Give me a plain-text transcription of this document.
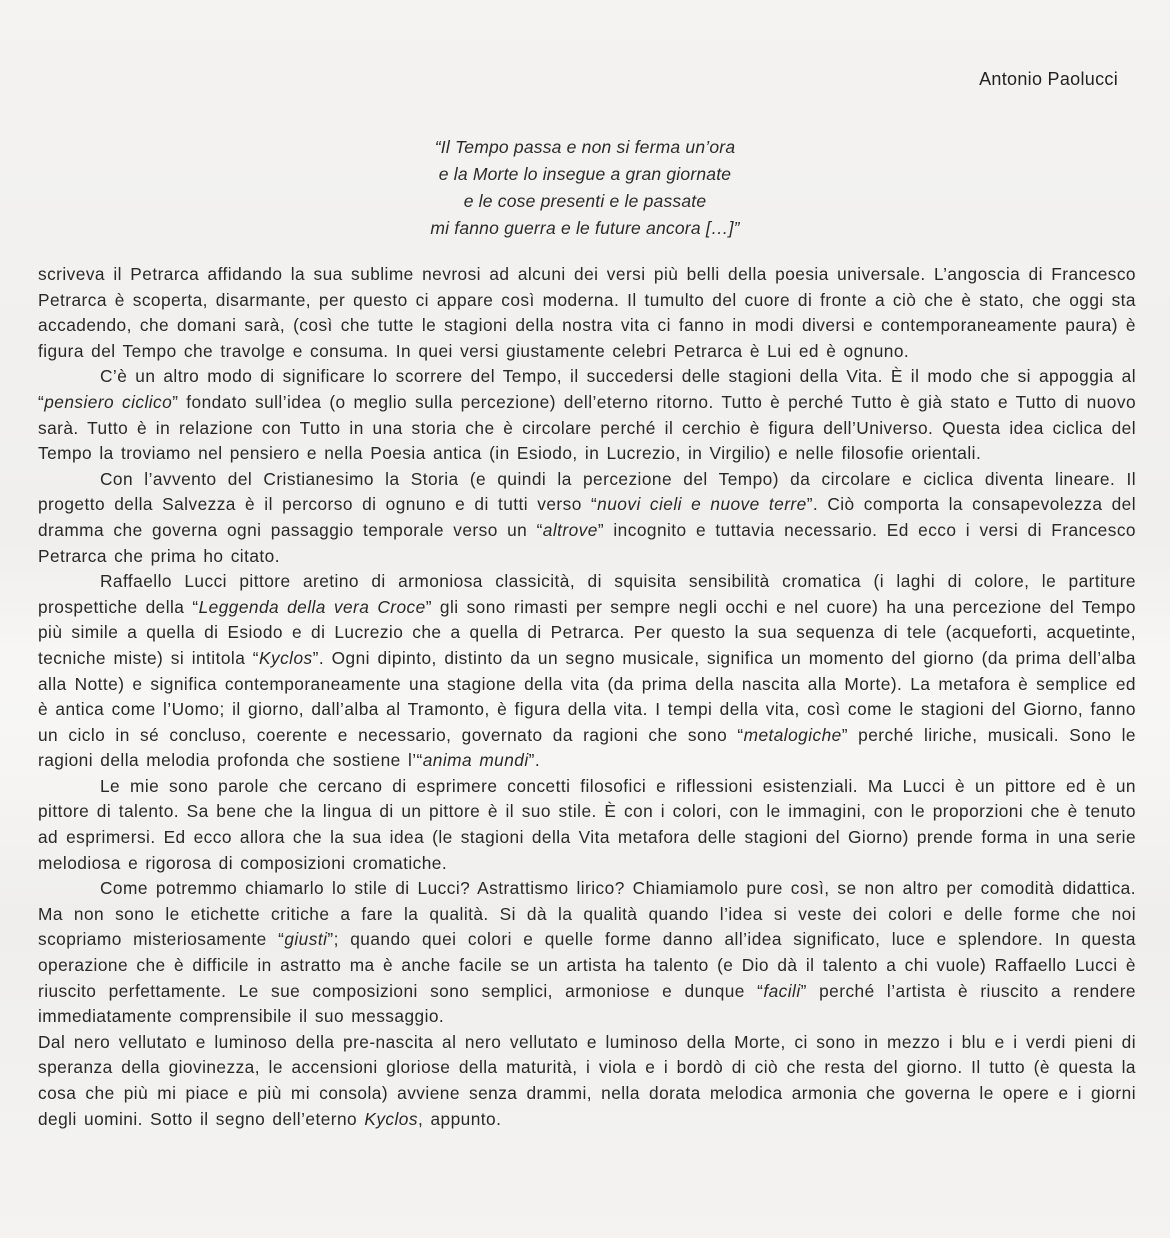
Antonio Paolucci
“Il Tempo passa e non si ferma un’ora
e la Morte lo insegue a gran giornate
e le cose presenti e le passate
mi fanno guerra e le future ancora […]”

scriveva il Petrarca affidando la sua sublime nevrosi ad alcuni dei versi più belli della poesia universale. L’angoscia di Francesco Petrarca è scoperta, disarmante, per questo ci appare così moderna. Il tumulto del cuore di fronte a ciò che è stato, che oggi sta accadendo, che domani sarà, (così che tutte le stagioni della nostra vita ci fanno in modi diversi e contemporaneamente paura) è figura del Tempo che travolge e consuma. In quei versi giustamente celebri Petrarca è Lui ed è ognuno.

C’è un altro modo di significare lo scorrere del Tempo, il succedersi delle stagioni della Vita. È il modo che si appoggia al “pensiero ciclico” fondato sull’idea (o meglio sulla percezione) dell’eterno ritorno. Tutto è perché Tutto è già stato e Tutto di nuovo sarà. Tutto è in relazione con Tutto in una storia che è circolare perché il cerchio è figura dell’Universo. Questa idea ciclica del Tempo la troviamo nel pensiero e nella Poesia antica (in Esiodo, in Lucrezio, in Virgilio) e nelle filosofie orientali.

Con l’avvento del Cristianesimo la Storia (e quindi la percezione del Tempo) da circolare e ciclica diventa lineare. Il progetto della Salvezza è il percorso di ognuno e di tutti verso “nuovi cieli e nuove terre”. Ciò comporta la consapevolezza del dramma che governa ogni passaggio temporale verso un “altrove” incognito e tuttavia necessario. Ed ecco i versi di Francesco Petrarca che prima ho citato.

Raffaello Lucci pittore aretino di armoniosa classicità, di squisita sensibilità cromatica (i laghi di colore, le partiture prospettiche della “Leggenda della vera Croce” gli sono rimasti per sempre negli occhi e nel cuore) ha una percezione del Tempo più simile a quella di Esiodo e di Lucrezio che a quella di Petrarca. Per questo la sua sequenza di tele (acqueforti, acquetinte, tecniche miste) si intitola “Kyclos”. Ogni dipinto, distinto da un segno musicale, significa un momento del giorno (da prima dell’alba alla Notte) e significa contemporaneamente una stagione della vita (da prima della nascita alla Morte). La metafora è semplice ed è antica come l’Uomo; il giorno, dall’alba al Tramonto, è figura della vita. I tempi della vita, così come le stagioni del Giorno, fanno un ciclo in sé concluso, coerente e necessario, governato da ragioni che sono “metalogiche” perché liriche, musicali. Sono le ragioni della melodia profonda che sostiene l’“anima mundi”.

Le mie sono parole che cercano di esprimere concetti filosofici e riflessioni esistenziali. Ma Lucci è un pittore ed è un pittore di talento. Sa bene che la lingua di un pittore è il suo stile. È con i colori, con le immagini, con le proporzioni che è tenuto ad esprimersi. Ed ecco allora che la sua idea (le stagioni della Vita metafora delle stagioni del Giorno) prende forma in una serie melodiosa e rigorosa di composizioni cromatiche.

Come potremmo chiamarlo lo stile di Lucci? Astrattismo lirico? Chiamiamolo pure così, se non altro per comodità didattica. Ma non sono le etichette critiche a fare la qualità. Si dà la qualità quando l’idea si veste dei colori e delle forme che noi scopriamo misteriosamente “giusti”; quando quei colori e quelle forme danno all’idea significato, luce e splendore. In questa operazione che è difficile in astratto ma è anche facile se un artista ha talento (e Dio dà il talento a chi vuole) Raffaello Lucci è riuscito perfettamente. Le sue composizioni sono semplici, armoniose e dunque “facili” perché l’artista è riuscito a rendere immediatamente comprensibile il suo messaggio.

Dal nero vellutato e luminoso della pre-nascita al nero vellutato e luminoso della Morte, ci sono in mezzo i blu e i verdi pieni di speranza della giovinezza, le accensioni gloriose della maturità, i viola e i bordò di ciò che resta del giorno. Il tutto (è questa la cosa che più mi piace e più mi consola) avviene senza drammi, nella dorata melodica armonia che governa le opere e i giorni degli uomini. Sotto il segno dell’eterno Kyclos, appunto.
